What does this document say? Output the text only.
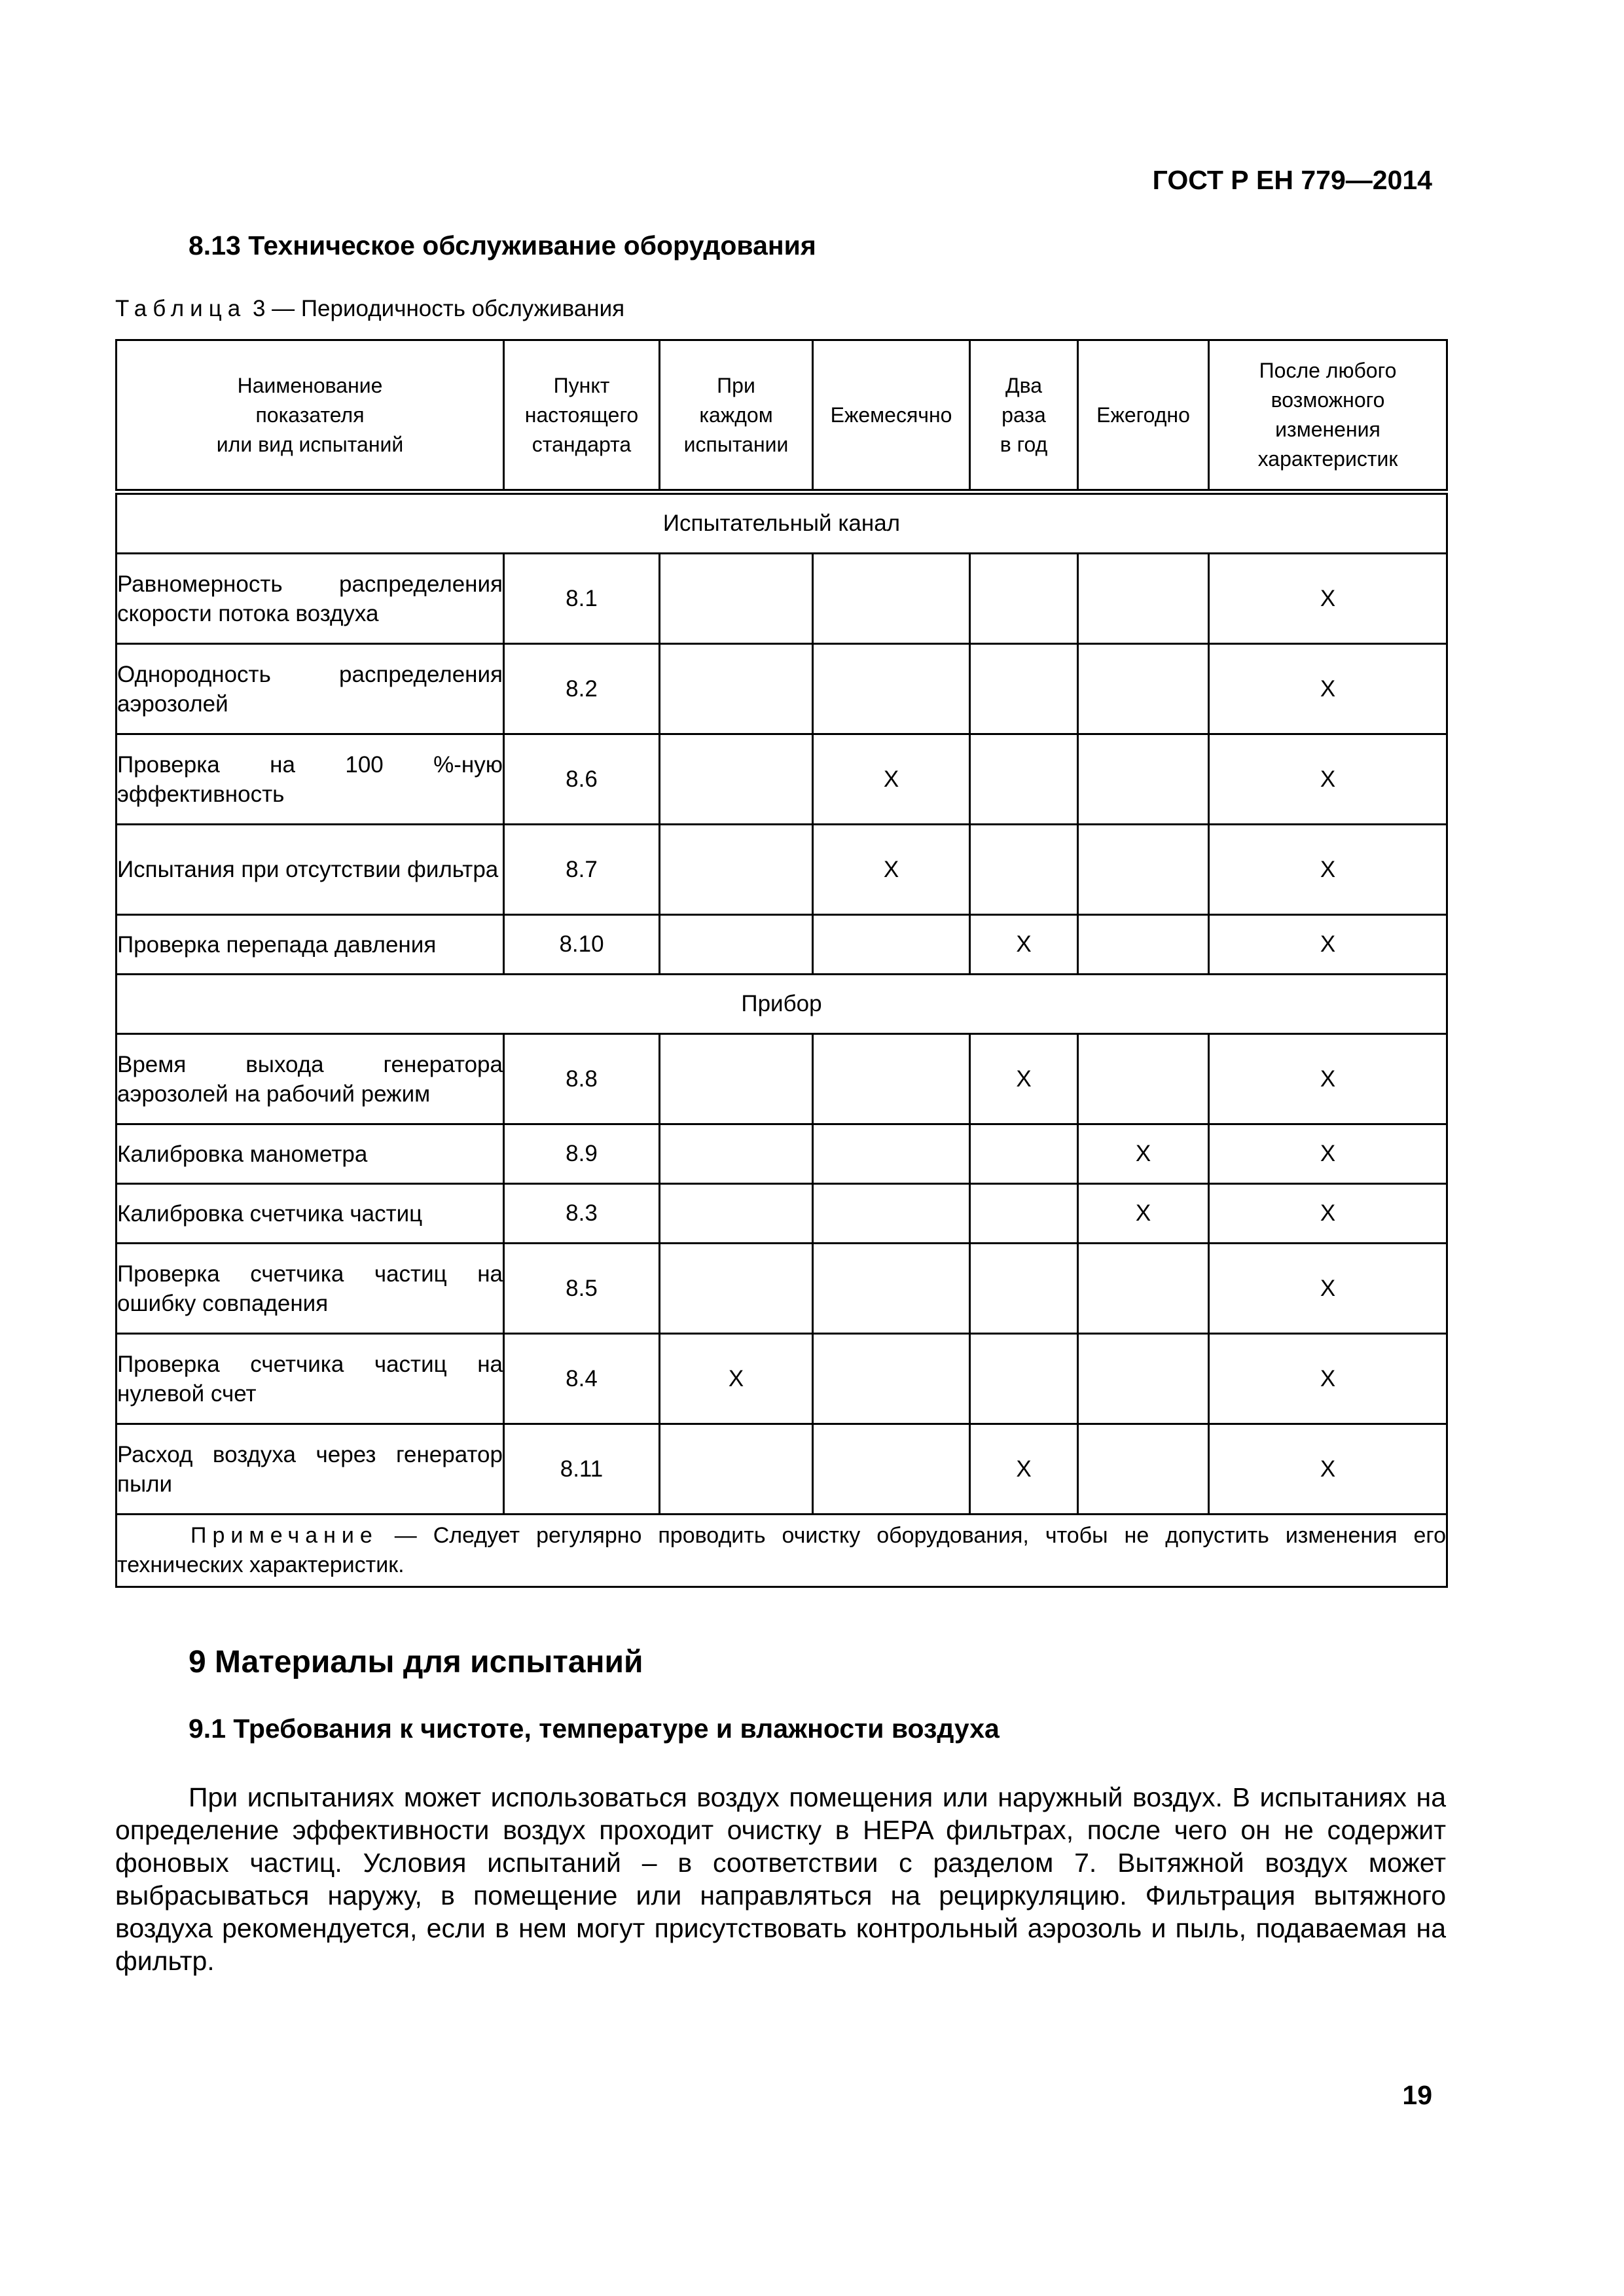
ГОСТ Р ЕН 779—2014
8.13 Техническое обслуживание оборудования
Таблица 3 — Периодичность обслуживания
Наименование
показателя
или вид испытаний	Пункт
настоящего
стандарта	При
каждом
испытании	Ежемесячно	Два
раза
в год	Ежегодно	После любого
возможного
изменения
характеристик
Испытательный канал						
Равномерность распределения скорости потока воздуха	8.1					X
Однородность распределения аэрозолей	8.2					X
Проверка на 100 %-ную эффективность	8.6		X			X
Испытания при отсутствии фильтра	8.7		X			X
Проверка перепада давления	8.10			X		X
Прибор						
Время выхода генератора аэрозолей на рабочий режим	8.8			X		X
Калибровка манометра	8.9				X	X
Калибровка счетчика частиц	8.3				X	X
Проверка счетчика частиц на ошибку совпадения	8.5					X
Проверка счетчика частиц на нулевой счет	8.4	X				X
Расход воздуха через генератор пыли	8.11			X		X
Примечание — Следует регулярно проводить очистку оборудования, чтобы не допустить изменения его технических характеристик.						
9 Материалы для испытаний
9.1 Требования к чистоте, температуре и влажности воздуха

При испытаниях может использоваться воздух помещения или наружный воздух. В испытаниях на определение эффективности воздух проходит очистку в HEPA фильтрах, после чего он не содержит фоновых частиц. Условия испытаний – в соответствии с разделом 7. Вытяжной воздух может выбрасываться наружу, в помещение или направляться на рециркуляцию. Фильтрация вытяжного воздуха рекомендуется, если в нем могут присутствовать контрольный аэрозоль и пыль, подаваемая на фильтр.

19
